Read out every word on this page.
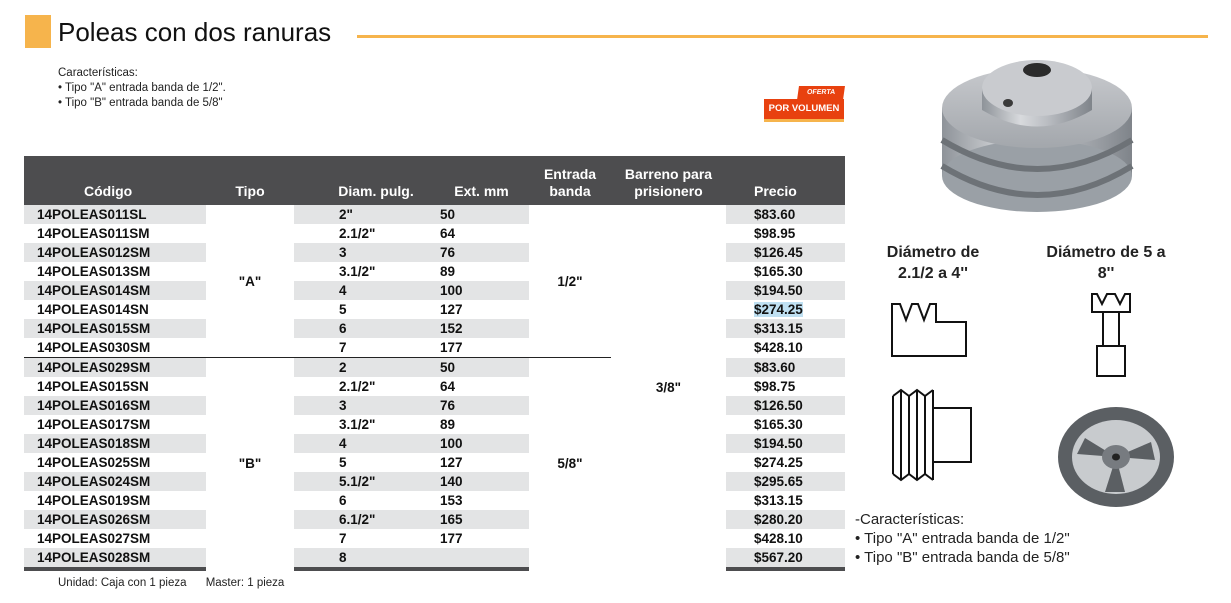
Poleas con dos ranuras
Características:
• Tipo "A" entrada banda de 1/2".
• Tipo "B" entrada banda de 5/8"
OFERTA
POR VOLUMEN
Código	Tipo	Diam. pulg.	Ext. mm	Entrada banda	Barreno para prisionero	Precio
14POLEAS011SL	"A"	2"	50	1/2"	3/8"	$83.60
14POLEAS011SM		2.1/2"	64			$98.95
14POLEAS012SM		3	76			$126.45
14POLEAS013SM		3.1/2"	89			$165.30
14POLEAS014SM		4	100			$194.50
14POLEAS014SN		5	127			$274.25
14POLEAS015SM		6	152			$313.15
14POLEAS030SM		7	177			$428.10
14POLEAS029SM	"B"	2	50	5/8"		$83.60
14POLEAS015SN		2.1/2"	64			$98.75
14POLEAS016SM		3	76			$126.50
14POLEAS017SM		3.1/2"	89			$165.30
14POLEAS018SM		4	100			$194.50
14POLEAS025SM		5	127			$274.25
14POLEAS024SM		5.1/2"	140			$295.65
14POLEAS019SM		6	153			$313.15
14POLEAS026SM		6.1/2"	165			$280.20
14POLEAS027SM		7	177			$428.10
14POLEAS028SM		8				$567.20
Unidad: Caja con 1 pieza Master: 1 pieza
Diámetro de 2.1/2 a 4''
Diámetro de 5 a 8''
-Características:
• Tipo "A" entrada banda de 1/2"
• Tipo "B" entrada banda de 5/8"
